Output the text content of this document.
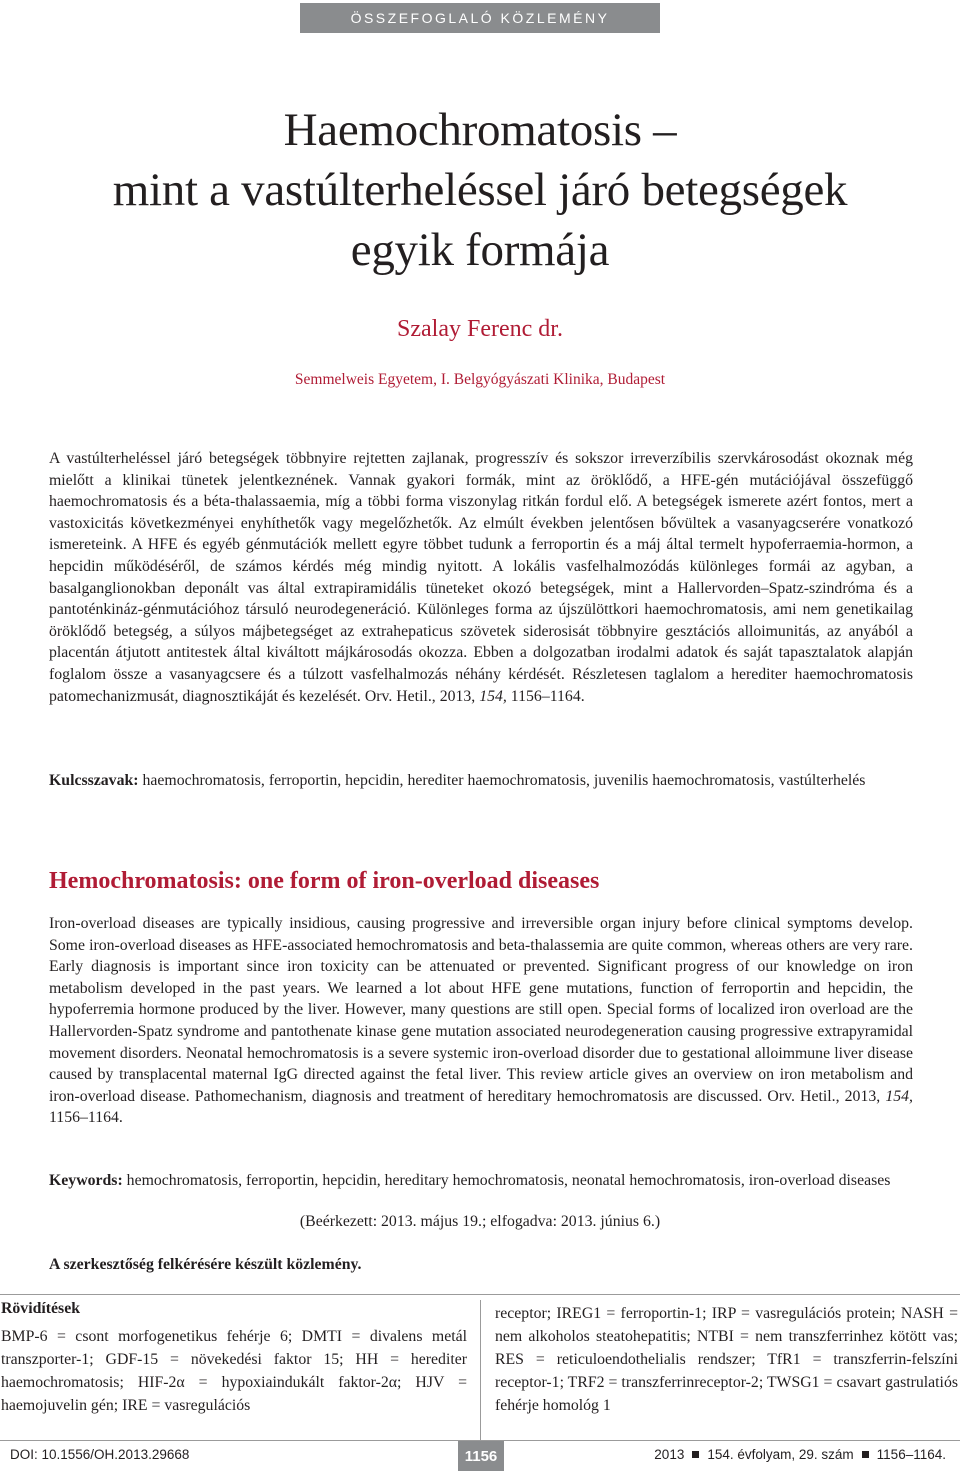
ÖSSZEFOGLALÓ KÖZLEMÉNY
Haemochromatosis –
mint a vastúlterheléssel járó betegségek
egyik formája
Szalay Ferenc dr.
Semmelweis Egyetem, I. Belgyógyászati Klinika, Budapest

A vastúlterheléssel járó betegségek többnyire rejtetten zajlanak, progresszív és sokszor irreverzíbilis szervkárosodást okoznak még mielőtt a klinikai tünetek jelentkeznének. Vannak gyakori formák, mint az öröklődő, a HFE-gén mutációjával összefüggő haemochromatosis és a béta-thalassaemia, míg a többi forma viszonylag ritkán fordul elő. A betegségek ismerete azért fontos, mert a vastoxicitás következményei enyhíthetők vagy megelőzhetők. Az elmúlt években jelentősen bővültek a vasanyagcserére vonatkozó ismereteink. A HFE és egyéb génmutációk mellett egyre többet tudunk a ferroportin és a máj által termelt hypoferraemia-hormon, a hepcidin működéséről, de számos kérdés még mindig nyitott. A lokális vasfelhalmozódás különleges formái az agyban, a basalganglionokban deponált vas által extrapiramidális tüneteket okozó betegségek, mint a Hallervorden–Spatz-szindróma és a pantoténkináz-génmutációhoz társuló neurodegeneráció. Különleges forma az újszülöttkori haemochromatosis, ami nem genetikailag öröklődő betegség, a súlyos májbetegséget az extrahepaticus szövetek siderosisát többnyire gesztációs alloimunitás, az anyából a placentán átjutott antitestek által kiváltott májkárosodás okozza. Ebben a dolgozatban irodalmi adatok és saját tapasztalatok alapján foglalom össze a vasanyagcsere és a túlzott vasfelhalmozás néhány kérdését. Részletesen taglalom a herediter haemochromatosis patomechanizmusát, diagnosztikáját és kezelését. Orv. Hetil., 2013, 154, 1156–1164.

Kulcsszavak: haemochromatosis, ferroportin, hepcidin, herediter haemochromatosis, juvenilis haemochromatosis, vastúlterhelés

Hemochromatosis: one form of iron-overload diseases

Iron-overload diseases are typically insidious, causing progressive and irreversible organ injury before clinical symptoms develop. Some iron-overload diseases as HFE-associated hemochromatosis and beta-thalassemia are quite common, whereas others are very rare. Early diagnosis is important since iron toxicity can be attenuated or prevented. Significant progress of our knowledge on iron metabolism developed in the past years. We learned a lot about HFE gene mutations, function of ferroportin and hepcidin, the hypoferremia hormone produced by the liver. However, many questions are still open. Special forms of localized iron overload are the Hallervorden-Spatz syndrome and pantothenate kinase gene mutation associated neurodegeneration causing progressive extrapyramidal movement disorders. Neonatal hemochromatosis is a severe systemic iron-overload disorder due to gestational alloimmune liver disease caused by transplacental maternal IgG directed against the fetal liver. This review article gives an overview on iron metabolism and iron-overload disease. Pathomechanism, diagnosis and treatment of hereditary hemochromatosis are discussed. Orv. Hetil., 2013, 154, 1156–1164.

Keywords: hemochromatosis, ferroportin, hepcidin, hereditary hemochromatosis, neonatal hemochromatosis, iron-overload diseases

(Beérkezett: 2013. május 19.; elfogadva: 2013. június 6.)
A szerkesztőség felkérésére készült közlemény.
Rövidítések

BMP-6 = csont morfogenetikus fehérje 6; DMTI = divalens metál transzporter-1; GDF-15 = növekedési faktor 15; HH = herediter haemochromatosis; HIF-2α = hypoxiaindukált faktor-2α; HJV = haemojuvelin gén; IRE = vasregulációs

receptor; IREG1 = ferroportin-1; IRP = vasregulációs protein; NASH = nem alkoholos steatohepatitis; NTBI = nem transzferrinhez kötött vas; RES = reticuloendothelialis rendszer; TfR1 = transzferrin-felszíni receptor-1; TRF2 = transzferrinreceptor-2; TWSG1 = csavart gastrulatiós fehérje homológ 1

DOI: 10.1556/OH.2013.29668	1156	2013 154. évfolyam, 29. szám 1156–1164.
